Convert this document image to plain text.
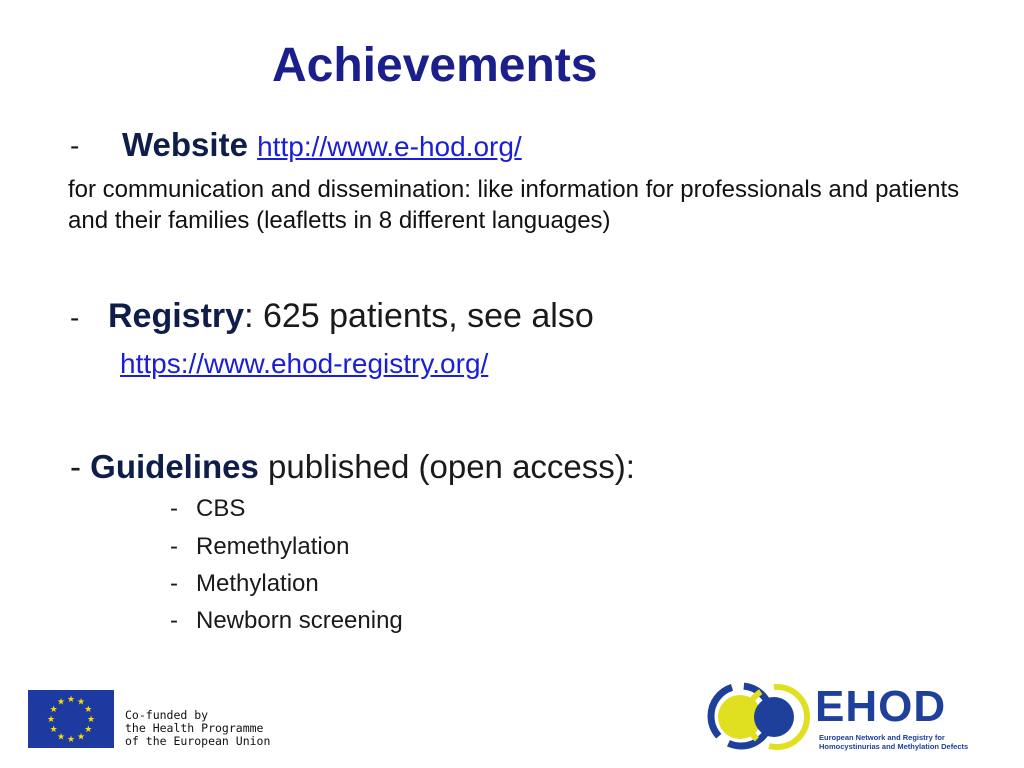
Achievements
- Website http://www.e-hod.org/
for communication and dissemination: like information for professionals and patients and their families (leafletts in 8 different languages)
- Registry: 625 patients, see also
https://www.ehod-registry.org/
- Guidelines published (open access):
- CBS
- Remethylation
- Methylation
- Newborn screening
★ ★
★
★
★
★
★
★
★
★
★
★
Co-funded by
the Health Programme
of the European Union
EHOD
European Network and Registry for
Homocystinurias and Methylation Defects
